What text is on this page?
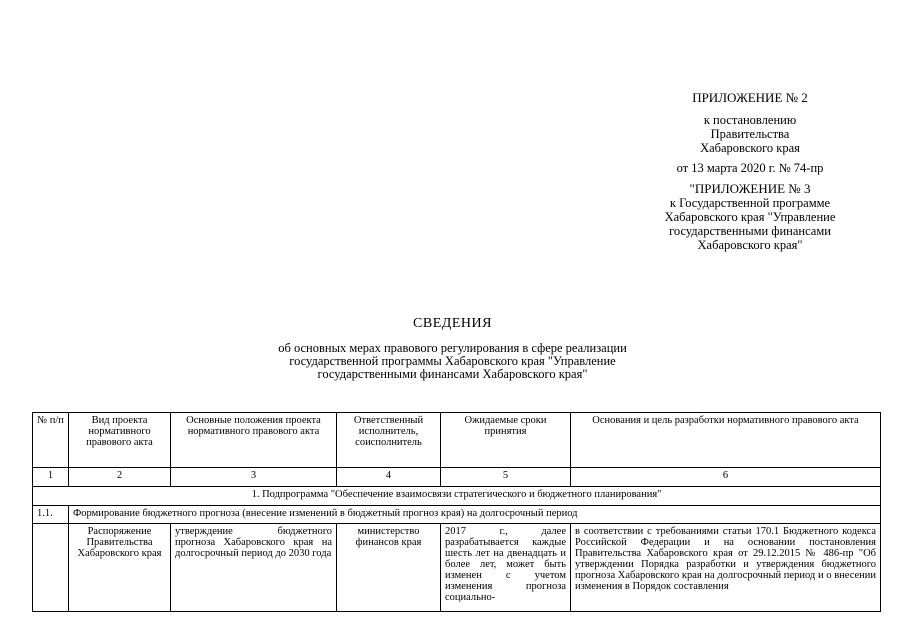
ПРИЛОЖЕНИЕ № 2
к постановлению
Правительства
Хабаровского края
от 13 марта 2020 г. № 74-пр
"ПРИЛОЖЕНИЕ № 3
к Государственной программе
Хабаровского края "Управление
государственными финансами
Хабаровского края"
СВЕДЕНИЯ
об основных мерах правового регулирования в сфере реализации
государственной программы Хабаровского края "Управление
государственными финансами Хабаровского края"
№ п/п	Вид проекта нормативного правового акта	Основные положения проекта нормативного правового акта	Ответственный исполнитель, соисполнитель	Ожидаемые сроки принятия	Основания и цель разработки нормативного правового акта
1	2	3	4	5	6
1. Подпрограмма "Обеспечение взаимосвязи стратегического и бюджетного планирования"					
1.1.	Формирование бюджетного прогноза (внесение изменений в бюджетный прогноз края) на долгосрочный период				

	Распоряжение Правительства Хабаровского края	утверждение бюджетного прогноза Хабаровского края на долгосрочный период до 2030 года	министерство финансов края	2017 г., далее разрабатывается каждые шесть лет на двенадцать и более лет, может быть изменен с учетом изменения прогноза социально-	в соответствии с требованиями статьи 170.1 Бюджетного кодекса Российской Федерации и на основании постановления Правительства Хабаровского края от 29.12.2015 № 486-пр "Об утверждении Порядка разработки и утверждения бюджетного прогноза Хабаровского края на долгосрочный период и о внесении изменения в Порядок составления
